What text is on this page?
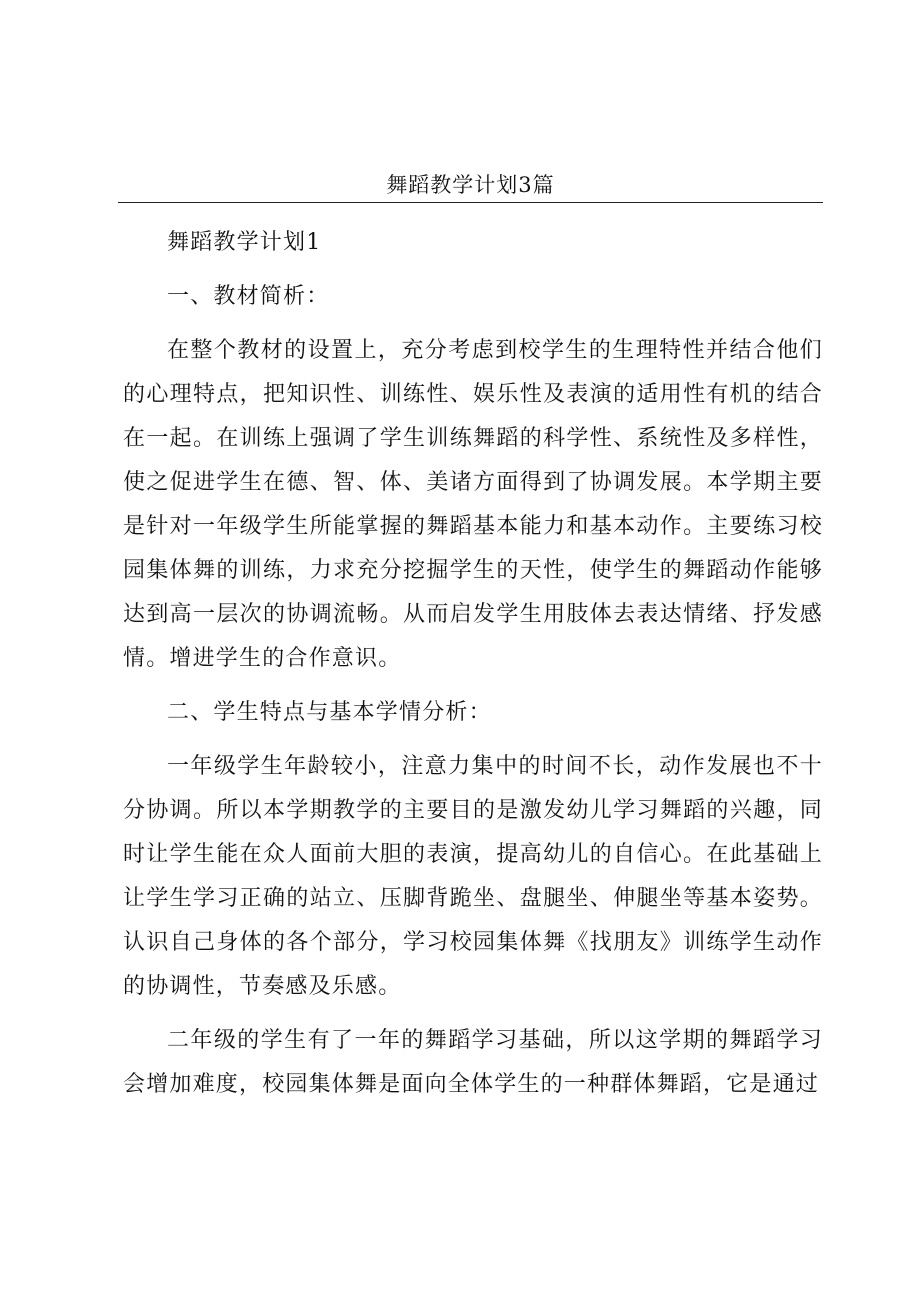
舞蹈教学计划3篇

舞蹈教学计划1

一、教材简析：

在整个教材的设置上，充分考虑到校学生的生理特性并结合他们的心理特点，把知识性、训练性、娱乐性及表演的适用性有机的结合在一起。在训练上强调了学生训练舞蹈的科学性、系统性及多样性，使之促进学生在德、智、体、美诸方面得到了协调发展。本学期主要是针对一年级学生所能掌握的舞蹈基本能力和基本动作。主要练习校园集体舞的训练，力求充分挖掘学生的天性，使学生的舞蹈动作能够达到高一层次的协调流畅。从而启发学生用肢体去表达情绪、抒发感情。增进学生的合作意识。

二、学生特点与基本学情分析：

一年级学生年龄较小，注意力集中的时间不长，动作发展也不十分协调。所以本学期教学的主要目的是激发幼儿学习舞蹈的兴趣，同时让学生能在众人面前大胆的表演，提高幼儿的自信心。在此基础上让学生学习正确的站立、压脚背跪坐、盘腿坐、伸腿坐等基本姿势。认识自己身体的各个部分，学习校园集体舞《找朋友》训练学生动作的协调性，节奏感及乐感。

二年级的学生有了一年的舞蹈学习基础，所以这学期的舞蹈学习会增加难度，校园集体舞是面向全体学生的一种群体舞蹈，它是通过
